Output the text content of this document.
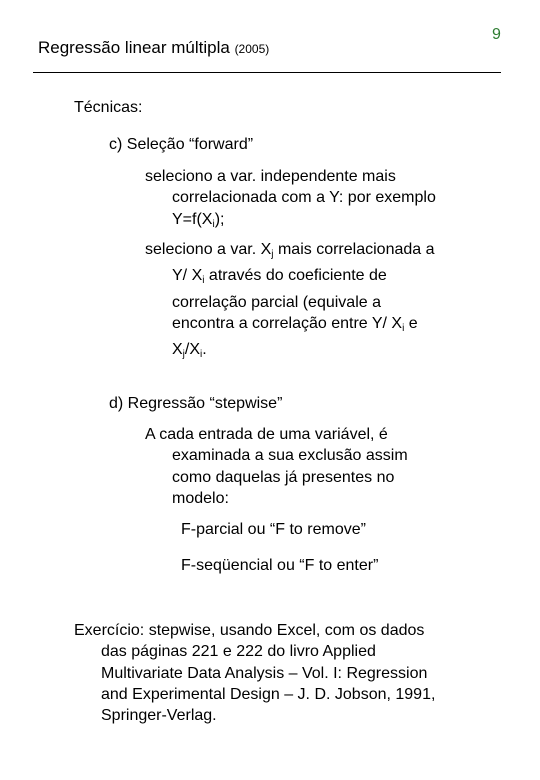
9
Regressão linear múltipla (2005)
Técnicas:
c) Seleção “forward”
seleciono a var. independente mais
correlacionada com a Y: por exemplo
$Y=f(X_i)$;
seleciono a var. $X_j$ mais correlacionada a
Y/ $X_i$ através do coeficiente de
correlação parcial (equivale a
encontra a correlação entre Y/ $X_i$ e
$X_j/X_i$.
d) Regressão “stepwise”
A cada entrada de uma variável, é
examinada a sua exclusão assim
como daquelas já presentes no
modelo:
F-parcial ou “F to remove”
F-seqüencial ou “F to enter”
Exercício: stepwise, usando Excel, com os dados
das páginas 221 e 222 do livro Applied
Multivariate Data Analysis – Vol. I: Regression
and Experimental Design – J. D. Jobson, 1991,
Springer-Verlag.
